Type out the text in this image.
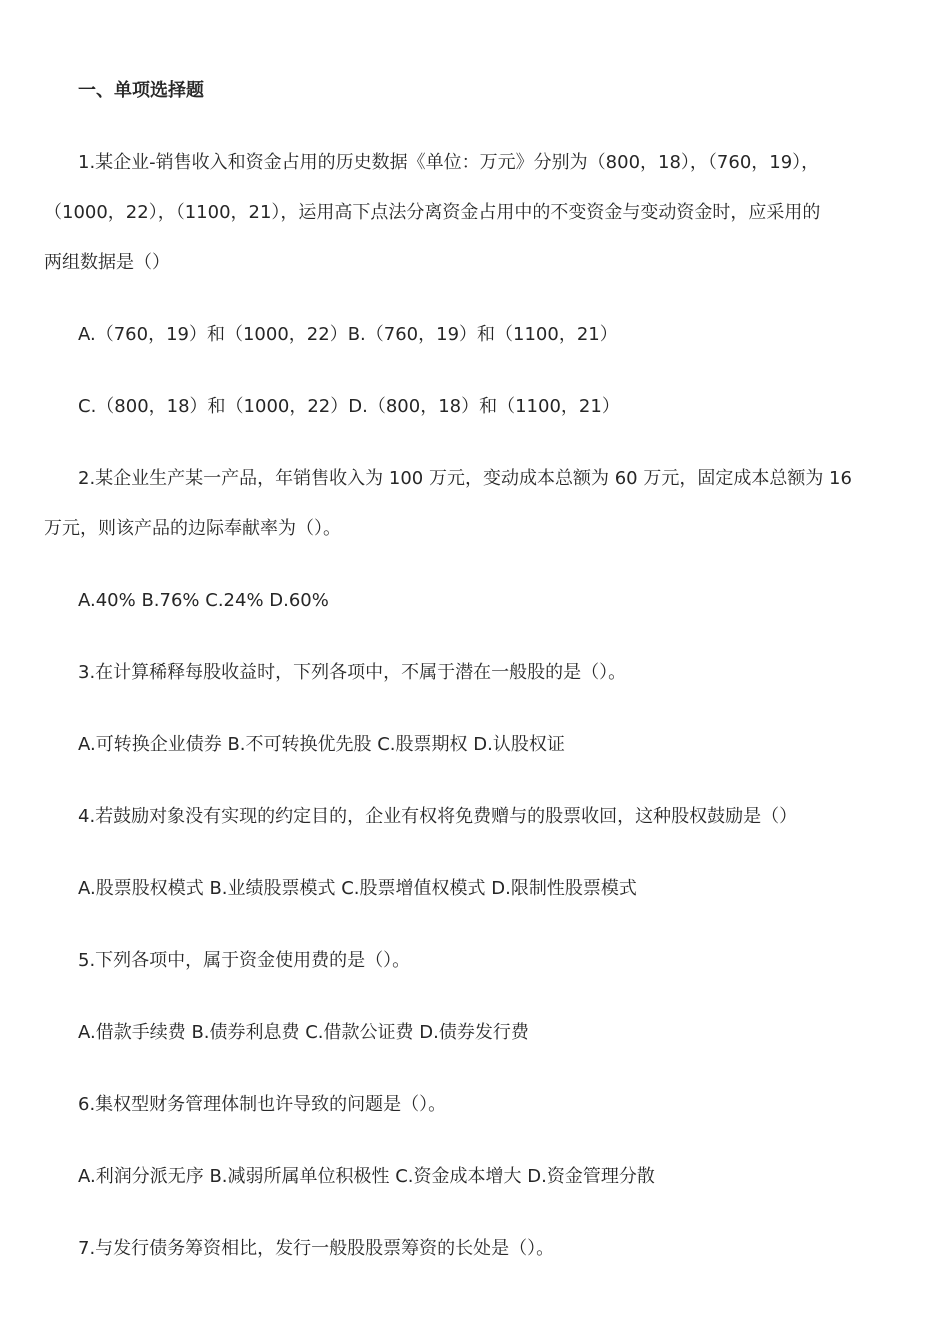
一、单项选择题
1.某企业-销售收入和资金占用的历史数据《单位：万元》分别为（800，18），（760，19），
（1000，22），（1100，21），运用高下点法分离资金占用中的不变资金与变动资金时，应采用的
两组数据是（）
A.（760，19）和（1000，22）B.（760，19）和（1100，21）
C.（800，18）和（1000，22）D.（800，18）和（1100，21）
2.某企业生产某一产品，年销售收入为 100 万元，变动成本总额为 60 万元，固定成本总额为 16
万元，则该产品的边际奉献率为（）。
A.40% B.76% C.24% D.60%
3.在计算稀释每股收益时，下列各项中，不属于潜在一般股的是（）。
A.可转换企业债券 B.不可转换优先股 C.股票期权 D.认股权证
4.若鼓励对象没有实现的约定目的，企业有权将免费赠与的股票收回，这种股权鼓励是（）
A.股票股权模式 B.业绩股票模式 C.股票增值权模式 D.限制性股票模式
5.下列各项中，属于资金使用费的是（）。
A.借款手续费 B.债券利息费 C.借款公证费 D.债券发行费
6.集权型财务管理体制也许导致的问题是（）。
A.利润分派无序 B.减弱所属单位积极性 C.资金成本增大 D.资金管理分散
7.与发行债务筹资相比，发行一般股股票筹资的长处是（）。
